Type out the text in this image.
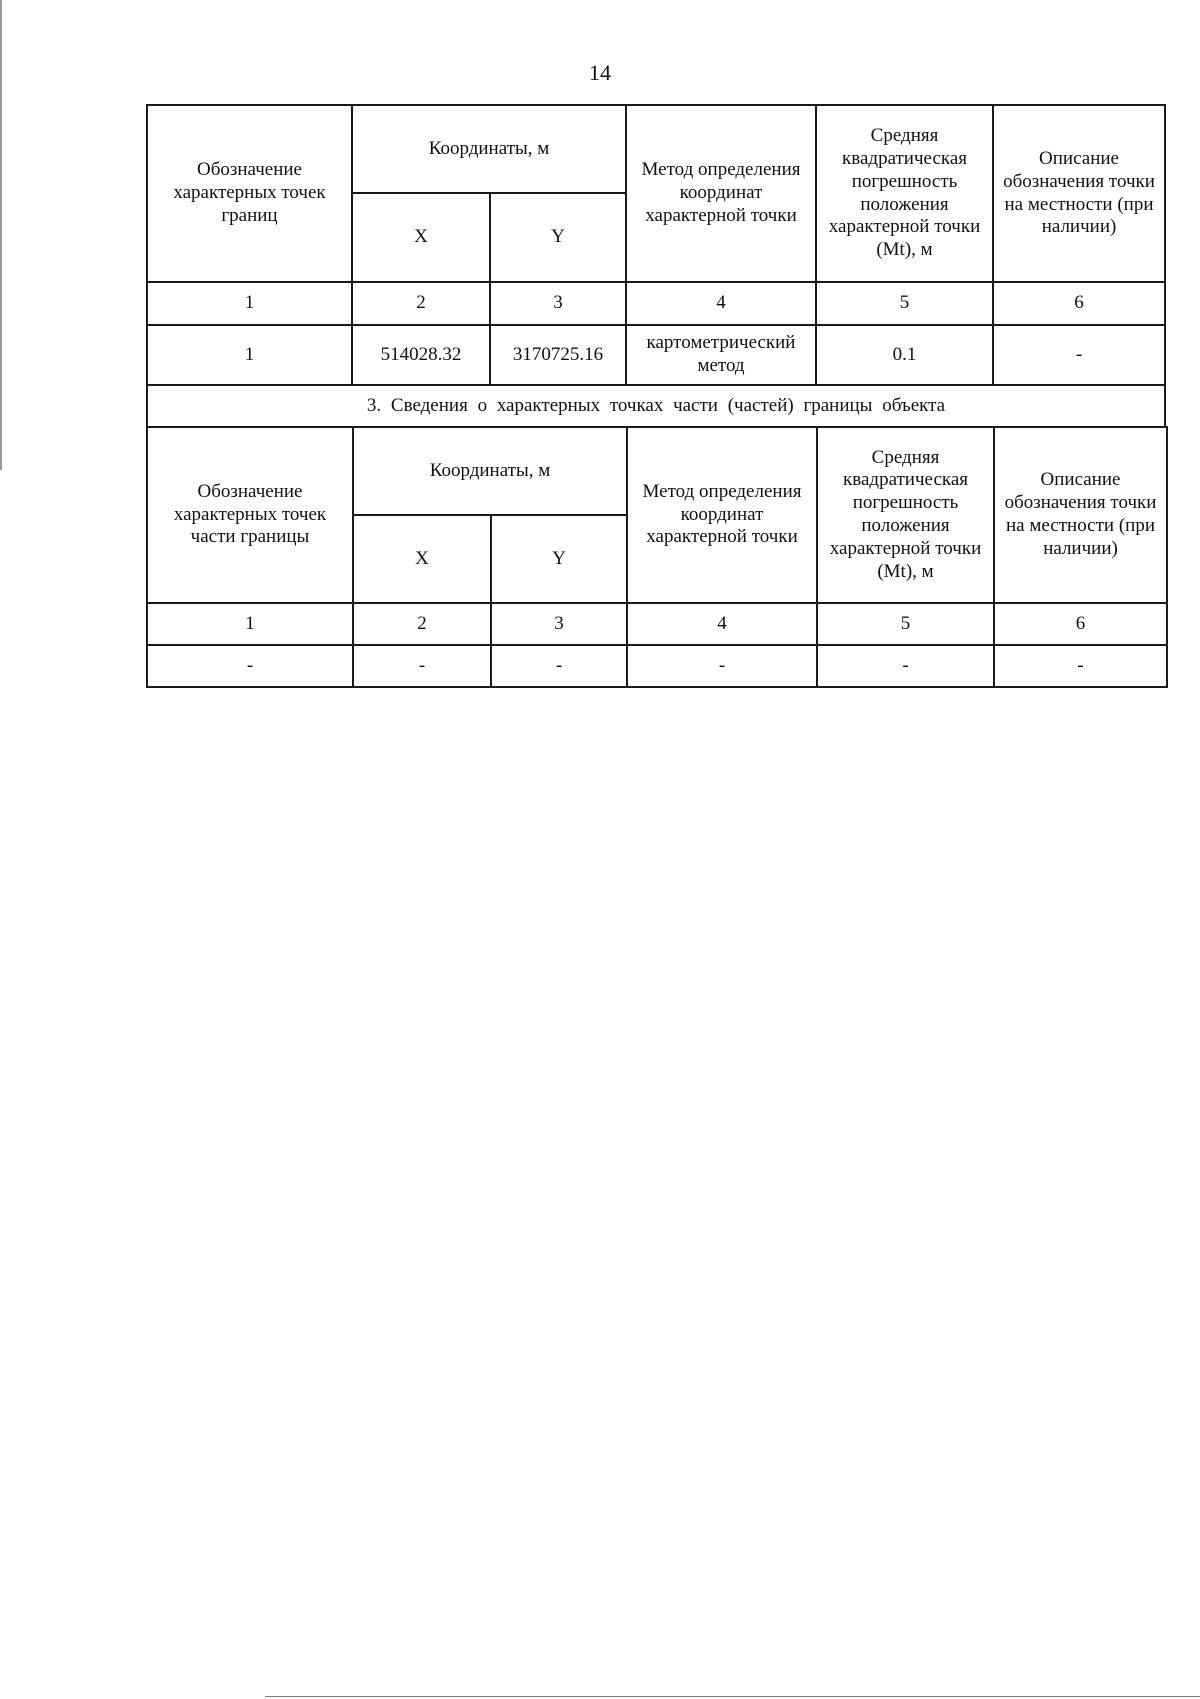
14
Обозначение характерных точек границ	Координаты, м		Метод определения координат характерной точки	Средняя квадратическая погрешность положения характерной точки (Mt), м	Описание обозначения точки на местности (при наличии)
	X	Y			
1	2	3	4	5	6
1	514028.32	3170725.16	картометрический метод	0.1	-
3. Сведения о характерных точках части (частей) границы объекта					
Обозначение характерных точек части границы	Координаты, м		Метод определения координат характерной точки	Средняя квадратическая погрешность положения характерной точки (Mt), м	Описание обозначения точки на местности (при наличии)
	X	Y			
1	2	3	4	5	6
-	-	-	-	-	-
